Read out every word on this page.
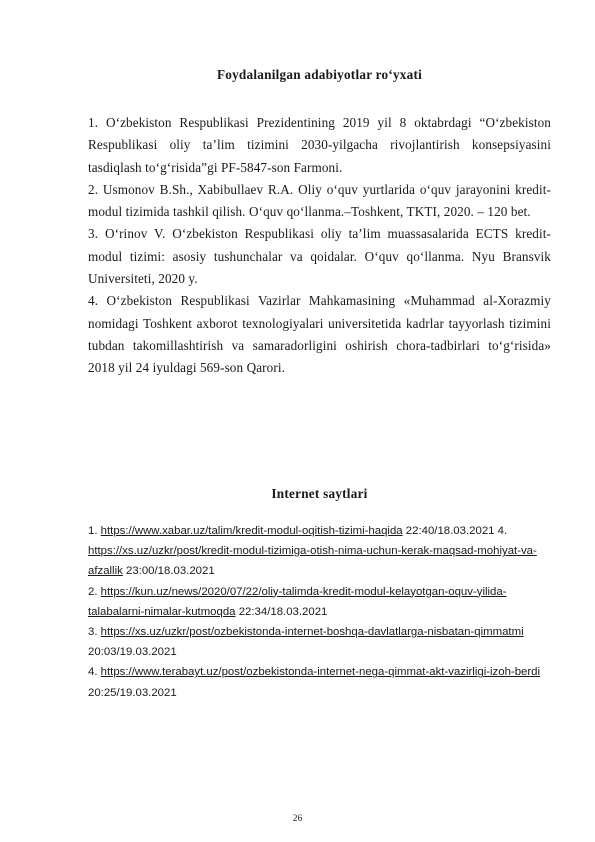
Foydalanilgan adabiyotlar ro‘yxati

1. O‘zbekiston Respublikasi Prezidentining 2019 yil 8 oktabrdagi “O‘zbekiston Respublikasi oliy ta’lim tizimini 2030-yilgacha rivojlantirish konsepsiyasini tasdiqlash to‘g‘risida”gi PF-5847-son Farmoni.

2. Usmonov B.Sh., Xabibullaev R.A. Oliy o‘quv yurtlarida o‘quv jarayonini kredit-modul tizimida tashkil qilish. O‘quv qo‘llanma.–Toshkent, TKTI, 2020. – 120 bet.

3. O‘rinov V. O‘zbekiston Respublikasi oliy ta’lim muassasalarida ECTS kredit-modul tizimi: asosiy tushunchalar va qoidalar. O‘quv qo‘llanma. Nyu Bransvik Universiteti, 2020 y.

4. O‘zbekiston Respublikasi Vazirlar Mahkamasining «Muhammad al-Xorazmiy nomidagi Toshkent axborot texnologiyalari universitetida kadrlar tayyorlash tizimini tubdan takomillashtirish va samaradorligini oshirish chora-tadbirlari to‘g‘risida» 2018 yil 24 iyuldagi 569-son Qarori.

Internet saytlari

1. https://www.xabar.uz/talim/kredit-modul-oqitish-tizimi-haqida 22:40/18.03.2021 4. https://xs.uz/uzkr/post/kredit-modul-tizimiga-otish-nima-uchun-kerak-maqsad-mohiyat-va-afzallik 23:00/18.03.2021

2. https://kun.uz/news/2020/07/22/oliy-talimda-kredit-modul-kelayotgan-oquv-yilida-talabalarni-nimalar-kutmoqda 22:34/18.03.2021

3. https://xs.uz/uzkr/post/ozbekistonda-internet-boshqa-davlatlarga-nisbatan-qimmatmi 20:03/19.03.2021

4. https://www.terabayt.uz/post/ozbekistonda-internet-nega-qimmat-akt-vazirligi-izoh-berdi 20:25/19.03.2021

26
